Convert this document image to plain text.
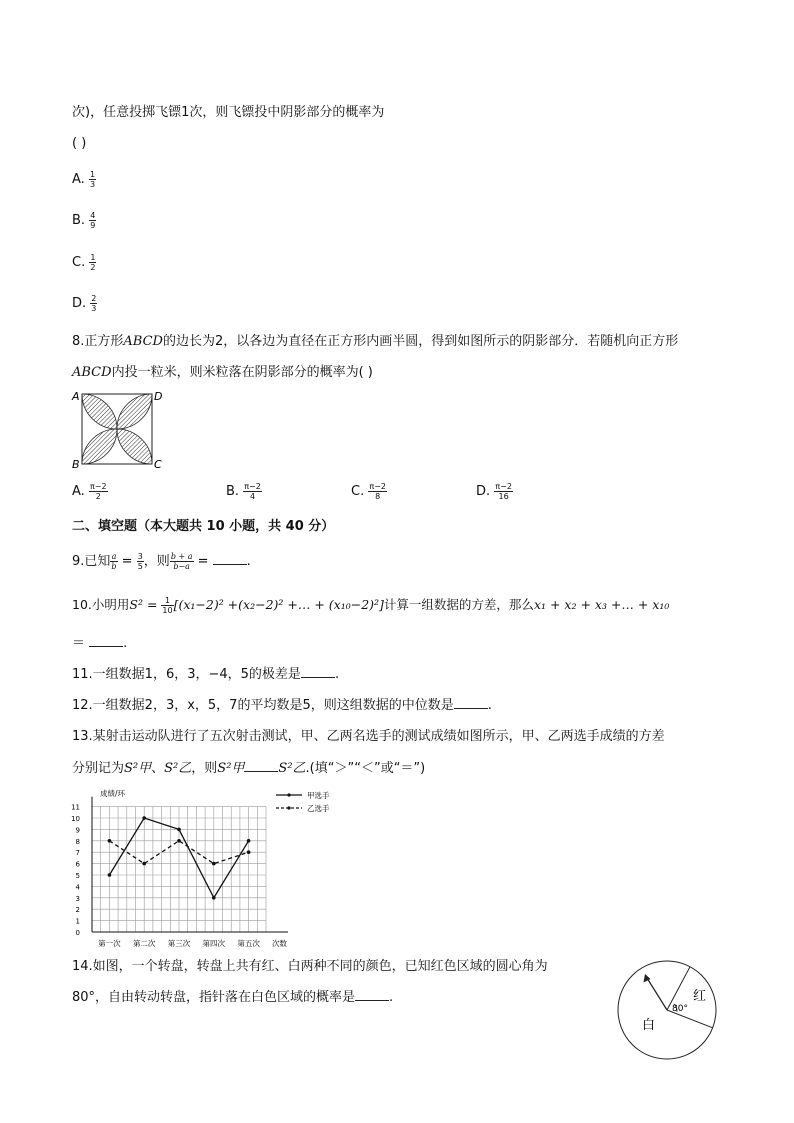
次)，任意投掷飞镖1次，则飞镖投中阴影部分的概率为
( )
A. $\frac{1}{3}$
B. $\frac{4}{9}$
C. $\frac{1}{2}$
D. $\frac{2}{3}$
8.正方形ABCD的边长为2，以各边为直径在正方形内画半圆，得到如图所示的阴影部分．若随机向正方形
ABCD内投一粒米，则米粒落在阴影部分的概率为( )
A	D
B	C
A. $\frac{\pi-2}{2}$	B. $\frac{\pi-2}{4}$	C. $\frac{\pi-2}{8}$	D. $\frac{\pi-2}{16}$
二、填空题（本大题共 10 小题，共 40 分）
9.已知 $\frac{a}{b} = \frac{3}{5}$ ，则 $\frac{b + a}{b-a}$ =	.
10.小明用$S^2 = \frac{1}{10} [(x_1-2)^2 +(x_2-2)^2$ +… + (x₁₀−2)²]计算一组数据的方差，那么x₁ + x₂ + x₃ +… + x₁₀
＝	.
11.一组数据1，6，3，−4，5的极差是	.
12.一组数据2，3，x，5，7的平均数是5，则这组数据的中位数是	.
13.某射击运动队进行了五次射击测试，甲、乙两名选手的测试成绩如图所示，甲、乙两选手成绩的方差
分别记为S²甲、S²乙，则S²甲	S²乙.(填“＞”“＜”或“＝”)
0
1
2
3
4
5
6
7
8
9
10
11
成绩/环
次数
第一次 第二次 第三次 第四次 第五次
甲选手
乙选手
14.如图，一个转盘，转盘上共有红、白两种不同的颜色，已知红色区域的圆心角为
80°，自由转动转盘，指针落在白色区域的概率是	.
80°
红
白
